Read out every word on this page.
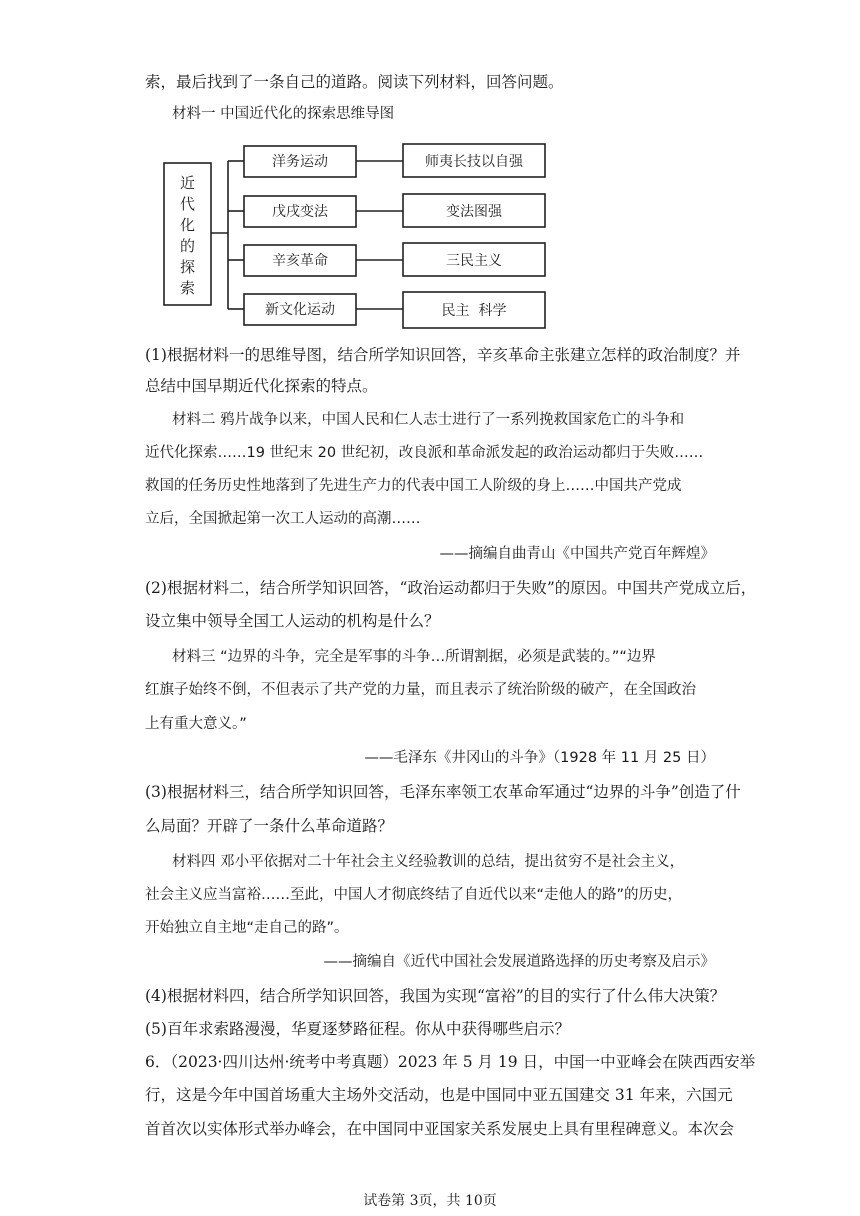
索，最后找到了一条自己的道路。阅读下列材料，回答问题。
材料一 中国近代化的探索思维导图
近
代
化
的
探
索
洋务运动	师夷长技以自强
戊戌变法	变法图强
辛亥革命	三民主义
新文化运动	民主  科学
(1)根据材料一的思维导图，结合所学知识回答，辛亥革命主张建立怎样的政治制度？并
总结中国早期近代化探索的特点。
材料二 鸦片战争以来，中国人民和仁人志士进行了一系列挽救国家危亡的斗争和
近代化探索……19 世纪末 20 世纪初，改良派和革命派发起的政治运动都归于失败……
救国的任务历史性地落到了先进生产力的代表中国工人阶级的身上……中国共产党成
立后，全国掀起第一次工人运动的高潮……
——摘编自曲青山《中国共产党百年辉煌》
(2)根据材料二，结合所学知识回答，“政治运动都归于失败”的原因。中国共产党成立后，
设立集中领导全国工人运动的机构是什么？
材料三 “边界的斗争，完全是军事的斗争…所谓割据，必须是武装的。”“边界
红旗子始终不倒，不但表示了共产党的力量，而且表示了统治阶级的破产，在全国政治
上有重大意义。”
——毛泽东《井冈山的斗争》（1928 年 11 月 25 日）
(3)根据材料三，结合所学知识回答，毛泽东率领工农革命军通过“边界的斗争”创造了什
么局面？开辟了一条什么革命道路？
材料四 邓小平依据对二十年社会主义经验教训的总结，提出贫穷不是社会主义，
社会主义应当富裕……至此，中国人才彻底终结了自近代以来“走他人的路”的历史，
开始独立自主地“走自己的路”。
——摘编自《近代中国社会发展道路选择的历史考察及启示》
(4)根据材料四，结合所学知识回答，我国为实现“富裕”的目的实行了什么伟大决策？
(5)百年求索路漫漫，华夏逐梦路征程。你从中获得哪些启示？
6．（2023·四川达州·统考中考真题）2023 年 5 月 19 日，中国一中亚峰会在陕西西安举
行，这是今年中国首场重大主场外交活动，也是中国同中亚五国建交 31 年来，六国元
首首次以实体形式举办峰会，在中国同中亚国家关系发展史上具有里程碑意义。本次会
试卷第 3页，共 10页
